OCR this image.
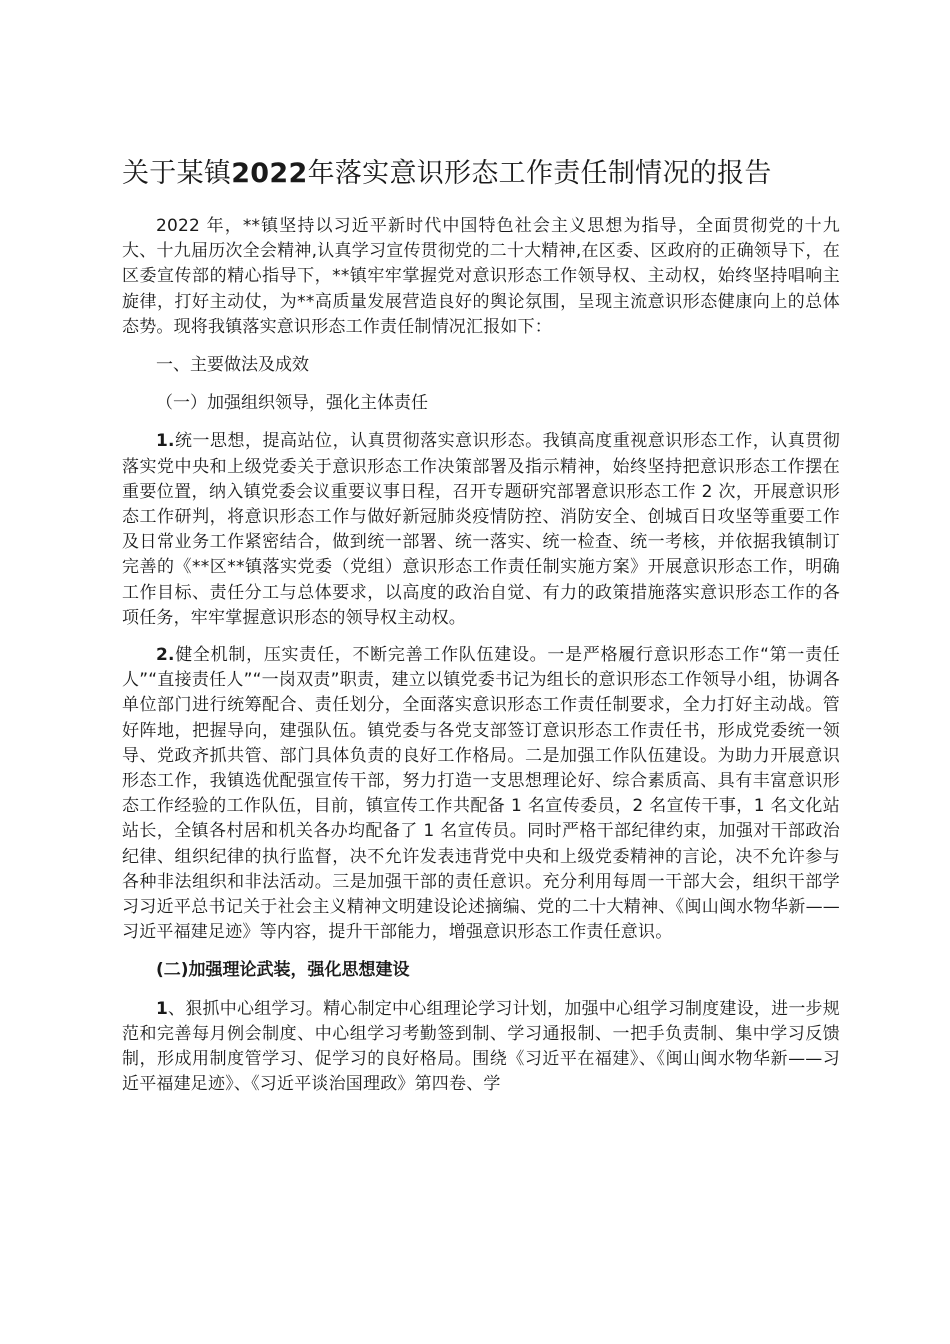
关于某镇2022年落实意识形态工作责任制情况的报告

2022 年，**镇坚持以习近平新时代中国特色社会主义思想为指导，全面贯彻党的十九大、十九届历次全会精神,认真学习宣传贯彻党的二十大精神,在区委、区政府的正确领导下，在区委宣传部的精心指导下，**镇牢牢掌握党对意识形态工作领导权、主动权，始终坚持唱响主旋律，打好主动仗，为**高质量发展营造良好的舆论氛围，呈现主流意识形态健康向上的总体态势。现将我镇落实意识形态工作责任制情况汇报如下：

一、主要做法及成效

（一）加强组织领导，强化主体责任

1.统一思想，提高站位，认真贯彻落实意识形态。我镇高度重视意识形态工作，认真贯彻落实党中央和上级党委关于意识形态工作决策部署及指示精神，始终坚持把意识形态工作摆在重要位置，纳入镇党委会议重要议事日程，召开专题研究部署意识形态工作 2 次，开展意识形态工作研判，将意识形态工作与做好新冠肺炎疫情防控、消防安全、创城百日攻坚等重要工作及日常业务工作紧密结合，做到统一部署、统一落实、统一检查、统一考核，并依据我镇制订完善的《**区**镇落实党委（党组）意识形态工作责任制实施方案》开展意识形态工作，明确工作目标、责任分工与总体要求，以高度的政治自觉、有力的政策措施落实意识形态工作的各项任务，牢牢掌握意识形态的领导权主动权。

2.健全机制，压实责任，不断完善工作队伍建设。一是严格履行意识形态工作“第一责任人”“直接责任人”“一岗双责”职责，建立以镇党委书记为组长的意识形态工作领导小组，协调各单位部门进行统筹配合、责任划分，全面落实意识形态工作责任制要求，全力打好主动战。管好阵地，把握导向，建强队伍。镇党委与各党支部签订意识形态工作责任书，形成党委统一领导、党政齐抓共管、部门具体负责的良好工作格局。二是加强工作队伍建设。为助力开展意识形态工作，我镇选优配强宣传干部，努力打造一支思想理论好、综合素质高、具有丰富意识形态工作经验的工作队伍，目前，镇宣传工作共配备 1 名宣传委员，2 名宣传干事，1 名文化站站长，全镇各村居和机关各办均配备了 1 名宣传员。同时严格干部纪律约束，加强对干部政治纪律、组织纪律的执行监督，决不允许发表违背党中央和上级党委精神的言论，决不允许参与各种非法组织和非法活动。三是加强干部的责任意识。充分利用每周一干部大会，组织干部学习习近平总书记关于社会主义精神文明建设论述摘编、党的二十大精神、《闽山闽水物华新——习近平福建足迹》等内容，提升干部能力，增强意识形态工作责任意识。

(二)加强理论武装，强化思想建设

1、狠抓中心组学习。精心制定中心组理论学习计划，加强中心组学习制度建设，进一步规范和完善每月例会制度、中心组学习考勤签到制、学习通报制、一把手负责制、集中学习反馈制，形成用制度管学习、促学习的良好格局。围绕《习近平在福建》、《闽山闽水物华新——习近平福建足迹》、《习近平谈治国理政》第四卷、学
